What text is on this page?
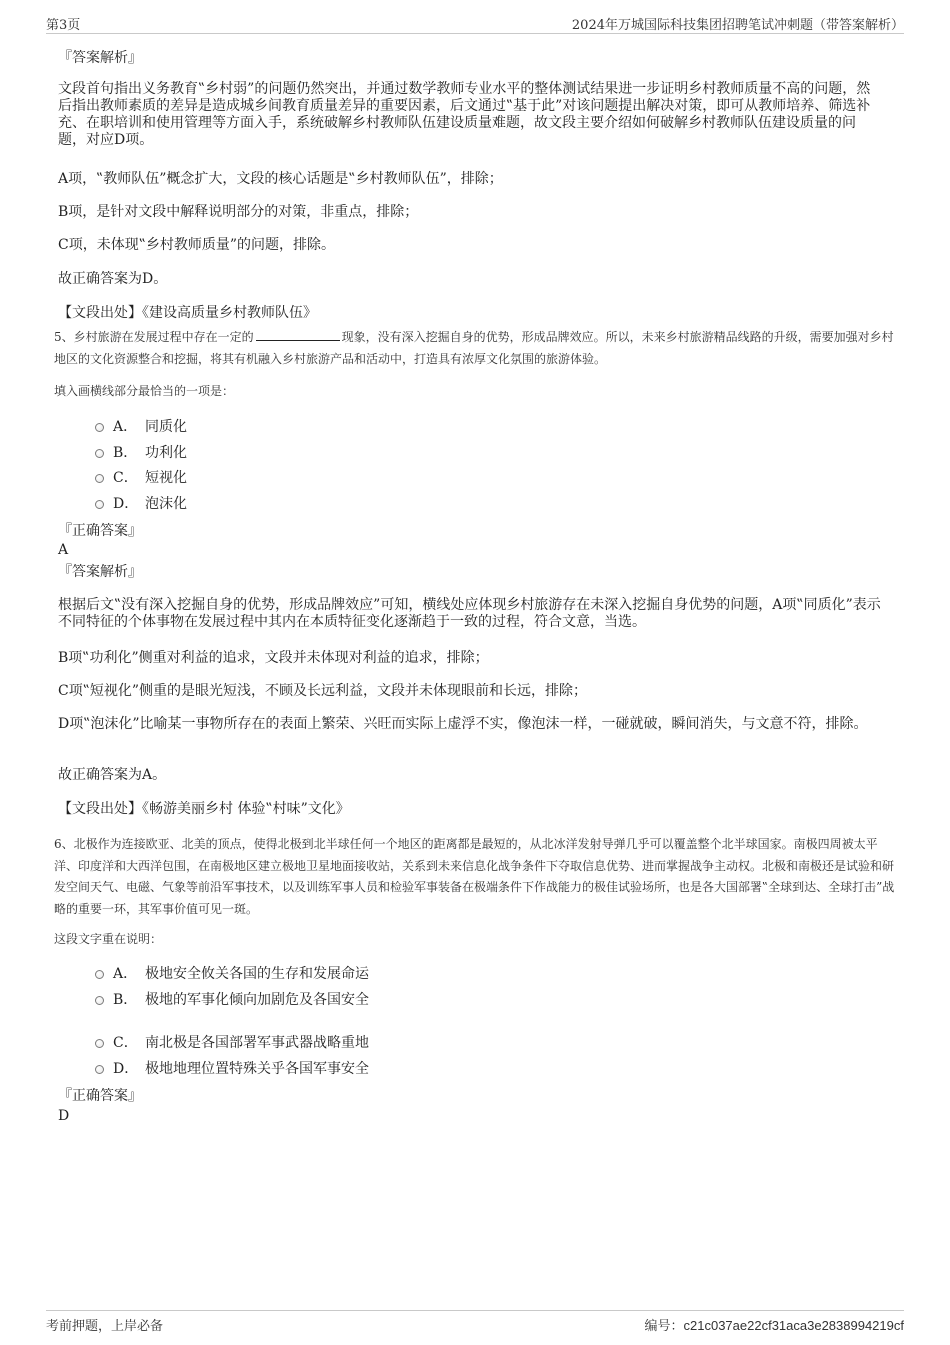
第3页	2024年万城国际科技集团招聘笔试冲刺题（带答案解析）
『答案解析』
文段首句指出义务教育‟乡村弱”的问题仍然突出，并通过数学教师专业水平的整体测试结果进一步证明乡村教师质量不高的问题，然后指出教师素质的差异是造成城乡间教育质量差异的重要因素，后文通过‟基于此”对该问题提出解决对策，即可从教师培养、筛选补充、在职培训和使用管理等方面入手，系统破解乡村教师队伍建设质量难题，故文段主要介绍如何破解乡村教师队伍建设质量的问题，对应D项。
A项，‟教师队伍”概念扩大，文段的核心话题是‟乡村教师队伍”，排除；
B项，是针对文段中解释说明部分的对策，非重点，排除；
C项，未体现‟乡村教师质量”的问题，排除。
故正确答案为D。
【文段出处】《建设高质量乡村教师队伍》
5、乡村旅游在发展过程中存在一定的	现象，没有深入挖掘自身的优势，形成品牌效应。所以，未来乡村旅游精品线路的升级，需要加强对乡村地区的文化资源整合和挖掘，将其有机融入乡村旅游产品和活动中，打造具有浓厚文化氛围的旅游体验。
填入画横线部分最恰当的一项是：
A． 同质化
B． 功利化
C． 短视化
D． 泡沫化
『正确答案』
A
『答案解析』
根据后文‟没有深入挖掘自身的优势，形成品牌效应”可知，横线处应体现乡村旅游存在未深入挖掘自身优势的问题，A项‟同质化”表示不同特征的个体事物在发展过程中其内在本质特征变化逐渐趋于一致的过程，符合文意，当选。
B项‟功利化”侧重对利益的追求，文段并未体现对利益的追求，排除；
C项‟短视化”侧重的是眼光短浅，不顾及长远利益，文段并未体现眼前和长远，排除；
D项‟泡沫化”比喻某一事物所存在的表面上繁荣、兴旺而实际上虚浮不实，像泡沫一样，一碰就破，瞬间消失，与文意不符，排除。
故正确答案为A。
【文段出处】《畅游美丽乡村 体验‟村味”文化》
6、北极作为连接欧亚、北美的顶点，使得北极到北半球任何一个地区的距离都是最短的，从北冰洋发射导弹几乎可以覆盖整个北半球国家。南极四周被太平洋、印度洋和大西洋包围，在南极地区建立极地卫星地面接收站，关系到未来信息化战争条件下夺取信息优势、进而掌握战争主动权。北极和南极还是试验和研发空间天气、电磁、气象等前沿军事技术，以及训练军事人员和检验军事装备在极端条件下作战能力的极佳试验场所，也是各大国部署‟全球到达、全球打击”战略的重要一环，其军事价值可见一斑。
这段文字重在说明：
A． 极地安全攸关各国的生存和发展命运
B． 极地的军事化倾向加剧危及各国安全
C． 南北极是各国部署军事武器战略重地
D． 极地地理位置特殊关乎各国军事安全
『正确答案』
D
考前押题，上岸必备	编号：c21c037ae22cf31aca3e2838994219cf
